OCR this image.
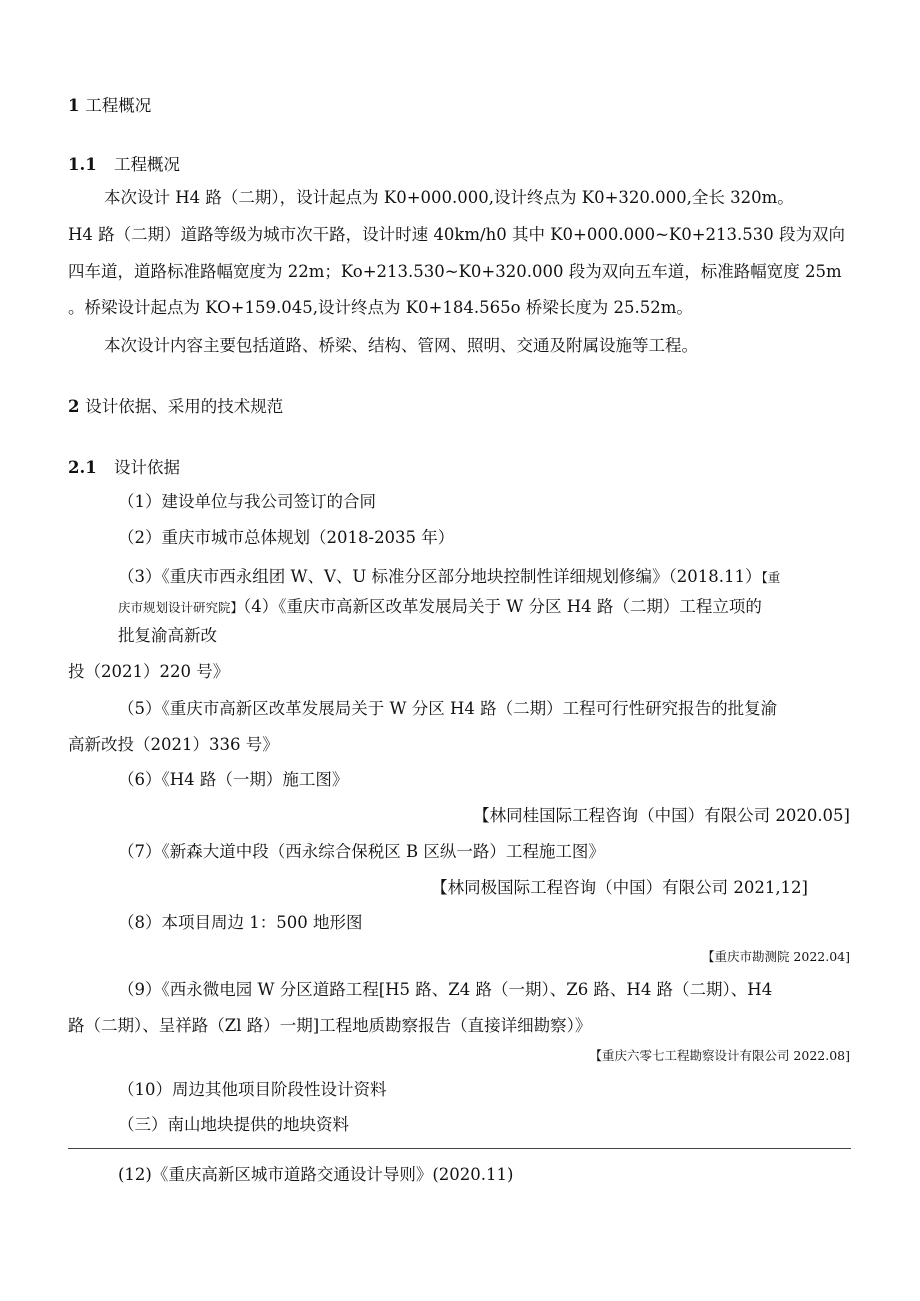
1 工程概况
1.1 工程概况
本次设计 H4 路（二期），设计起点为 K0+000.000,设计终点为 K0+320.000,全长 320m。
H4 路（二期）道路等级为城市次干路，设计时速 40km∕h0 其中 K0+000.000~K0+213.530 段为双向
四车道，道路标准路幅宽度为 22m；Ko+213.530~K0+320.000 段为双向五车道，标准路幅宽度 25m
。桥梁设计起点为 KO+159.045,设计终点为 K0+184.565o 桥梁长度为 25.52m。
本次设计内容主要包括道路、桥梁、结构、管网、照明、交通及附属设施等工程。
2 设计依据、采用的技术规范
2.1 设计依据
（1）建设单位与我公司签订的合同
（2）重庆市城市总体规划（2018-2035 年）
（3）《重庆市西永组团 W、V、U 标准分区部分地块控制性详细规划修编》（2018.11）【重
庆市规划设计研究院】（4）《重庆市高新区改革发展局关于 W 分区 H4 路（二期）工程立项的
批复渝高新改
投（2021）220 号》
（5）《重庆市高新区改革发展局关于 W 分区 H4 路（二期）工程可行性研究报告的批复渝
高新改投（2021）336 号》
（6）《H4 路（一期）施工图》
【林同桂国际工程咨询（中国）有限公司 2020.05]
（7）《新森大道中段（西永综合保税区 B 区纵一路）工程施工图》
【林同极国际工程咨询（中国）有限公司 2021,12]
（8）本项目周边 1：500 地形图
【重庆市勘测院 2022.04]
（9）《西永微电园 W 分区道路工程[H5 路、Z4 路（一期）、Z6 路、H4 路（二期）、H4
路（二期）、呈祥路（Zl 路）一期]工程地质勘察报告（直接详细勘察）》
【重庆六零七工程勘察设计有限公司 2022.08]
（10）周边其他项目阶段性设计资料
（三）南山地块提供的地块资料
(12)《重庆高新区城市道路交通设计导则》(2020.11)
